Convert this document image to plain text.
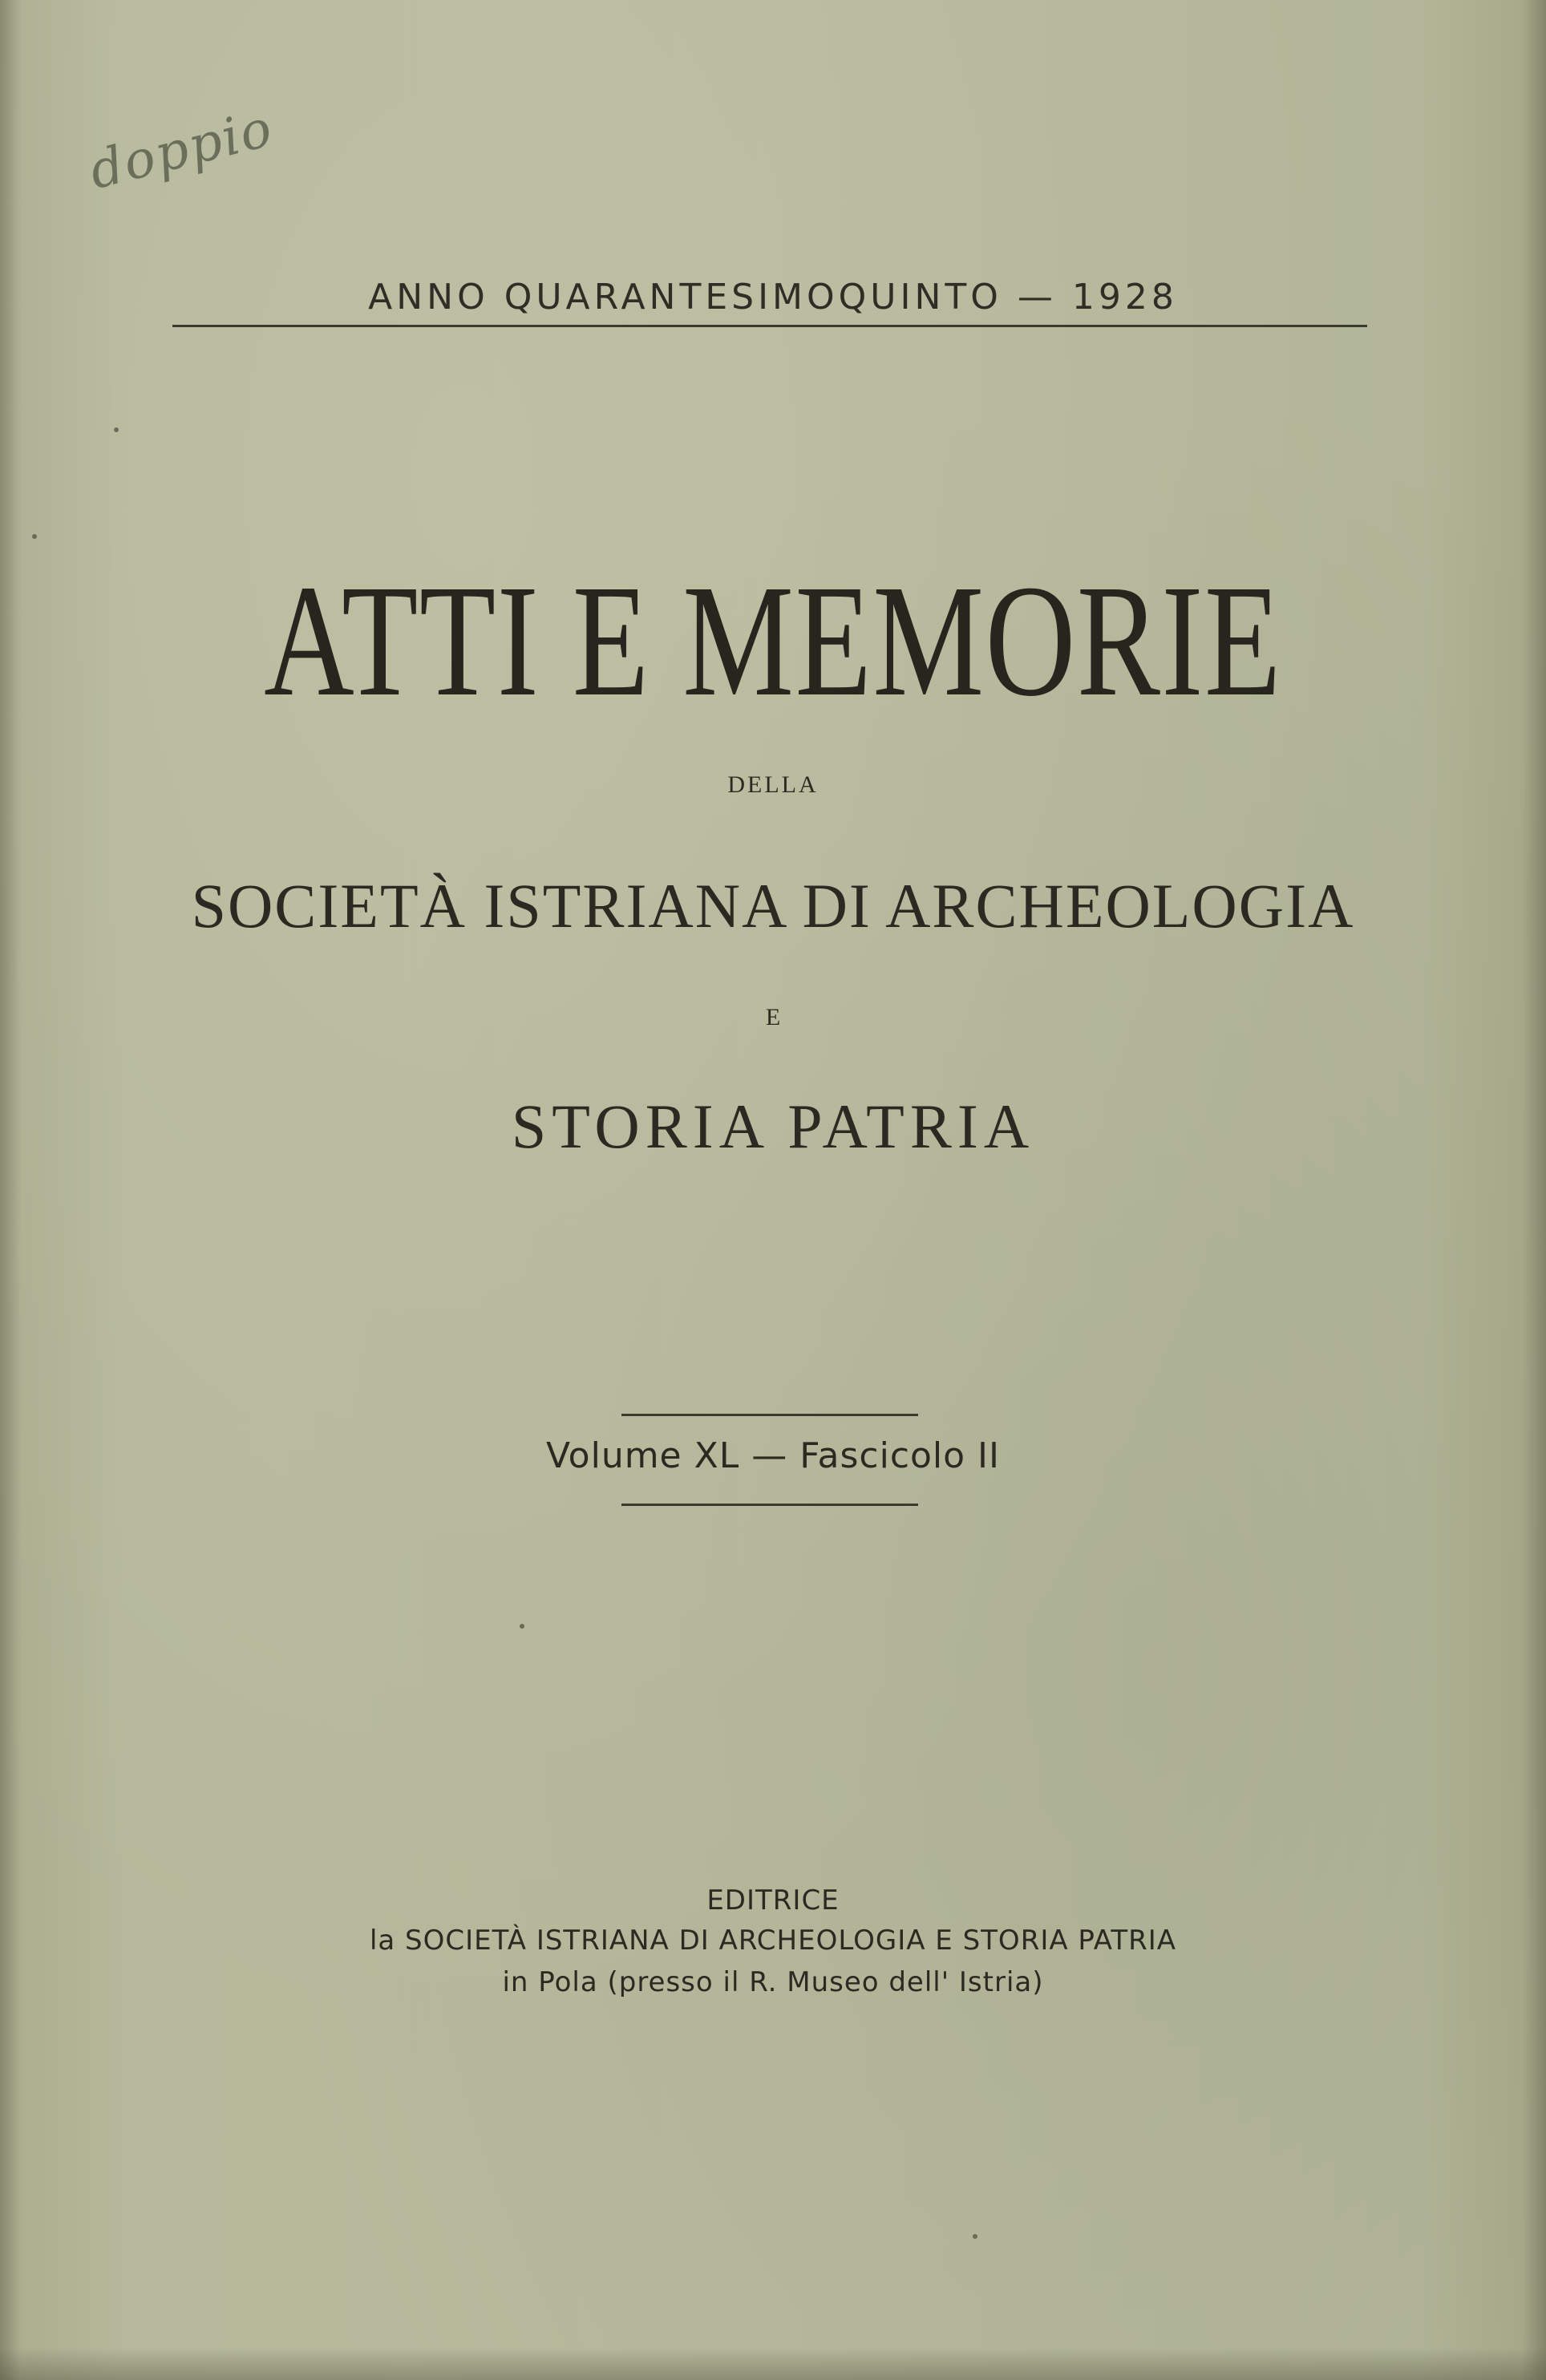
doppio
ANNO QUARANTESIMOQUINTO — 1928
ATTI E MEMORIE
DELLA
SOCIETÀ ISTRIANA DI ARCHEOLOGIA
E
STORIA PATRIA
Volume XL — Fascicolo II
EDITRICE
la SOCIETÀ ISTRIANA DI ARCHEOLOGIA E STORIA PATRIA
in Pola (presso il R. Museo dell' Istria)
